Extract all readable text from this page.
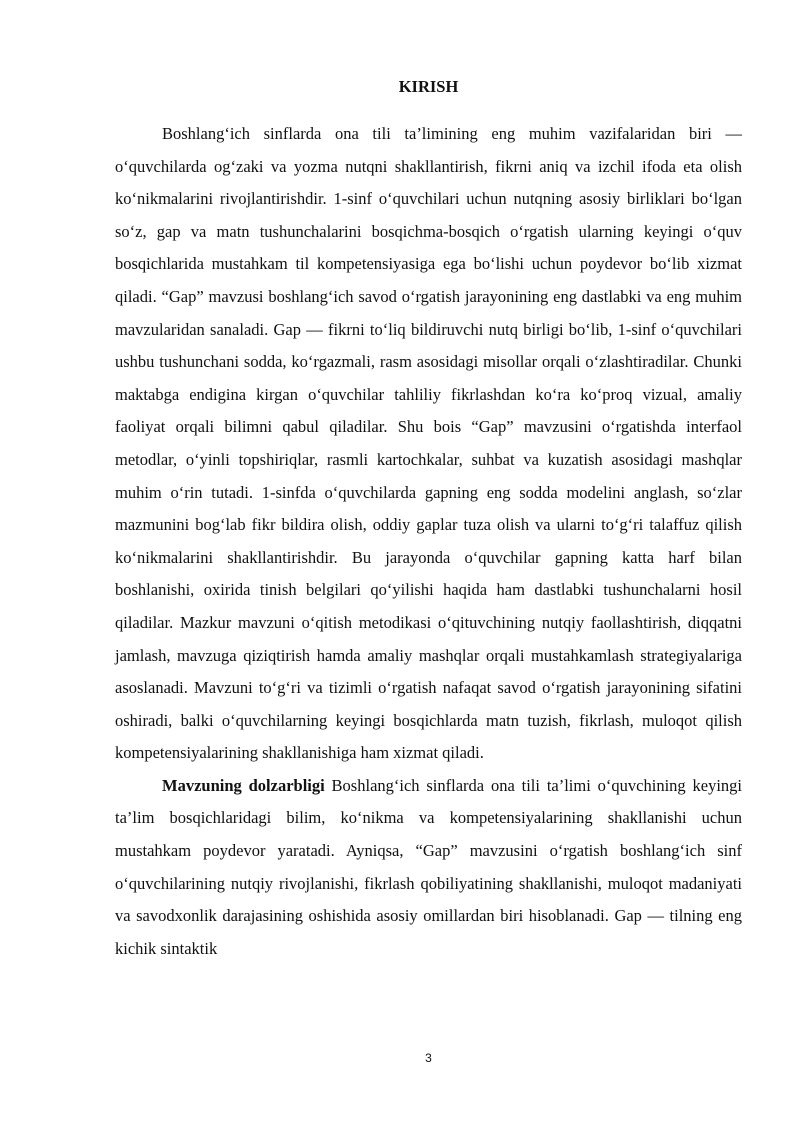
KIRISH

Boshlang‘ich sinflarda ona tili ta’limining eng muhim vazifalaridan biri — o‘quvchilarda og‘zaki va yozma nutqni shakllantirish, fikrni aniq va izchil ifoda eta olish ko‘nikmalarini rivojlantirishdir. 1-sinf o‘quvchilari uchun nutqning asosiy birliklari bo‘lgan so‘z, gap va matn tushunchalarini bosqichma-bosqich o‘rgatish ularning keyingi o‘quv bosqichlarida mustahkam til kompetensiyasiga ega bo‘lishi uchun poydevor bo‘lib xizmat qiladi. “Gap” mavzusi boshlang‘ich savod o‘rgatish jarayonining eng dastlabki va eng muhim mavzularidan sanaladi. Gap — fikrni to‘liq bildiruvchi nutq birligi bo‘lib, 1-sinf o‘quvchilari ushbu tushunchani sodda, ko‘rgazmali, rasm asosidagi misollar orqali o‘zlashtiradilar. Chunki maktabga endigina kirgan o‘quvchilar tahliliy fikrlashdan ko‘ra ko‘proq vizual, amaliy faoliyat orqali bilimni qabul qiladilar. Shu bois “Gap” mavzusini o‘rgatishda interfaol metodlar, o‘yinli topshiriqlar, rasmli kartochkalar, suhbat va kuzatish asosidagi mashqlar muhim o‘rin tutadi. 1-sinfda o‘quvchilarda gapning eng sodda modelini anglash, so‘zlar mazmunini bog‘lab fikr bildira olish, oddiy gaplar tuza olish va ularni to‘g‘ri talaffuz qilish ko‘nikmalarini shakllantirishdir. Bu jarayonda o‘quvchilar gapning katta harf bilan boshlanishi, oxirida tinish belgilari qo‘yilishi haqida ham dastlabki tushunchalarni hosil qiladilar. Mazkur mavzuni o‘qitish metodikasi o‘qituvchining nutqiy faollashtirish, diqqatni jamlash, mavzuga qiziqtirish hamda amaliy mashqlar orqali mustahkamlash strategiyalariga asoslanadi. Mavzuni to‘g‘ri va tizimli o‘rgatish nafaqat savod o‘rgatish jarayonining sifatini oshiradi, balki o‘quvchilarning keyingi bosqichlarda matn tuzish, fikrlash, muloqot qilish kompetensiyalarining shakllanishiga ham xizmat qiladi.

Mavzuning dolzarbligi Boshlang‘ich sinflarda ona tili ta’limi o‘quvchining keyingi ta’lim bosqichlaridagi bilim, ko‘nikma va kompetensiyalarining shakllanishi uchun mustahkam poydevor yaratadi. Ayniqsa, “Gap” mavzusini o‘rgatish boshlang‘ich sinf o‘quvchilarining nutqiy rivojlanishi, fikrlash qobiliyatining shakllanishi, muloqot madaniyati va savodxonlik darajasining oshishida asosiy omillardan biri hisoblanadi. Gap — tilning eng kichik sintaktik

3
